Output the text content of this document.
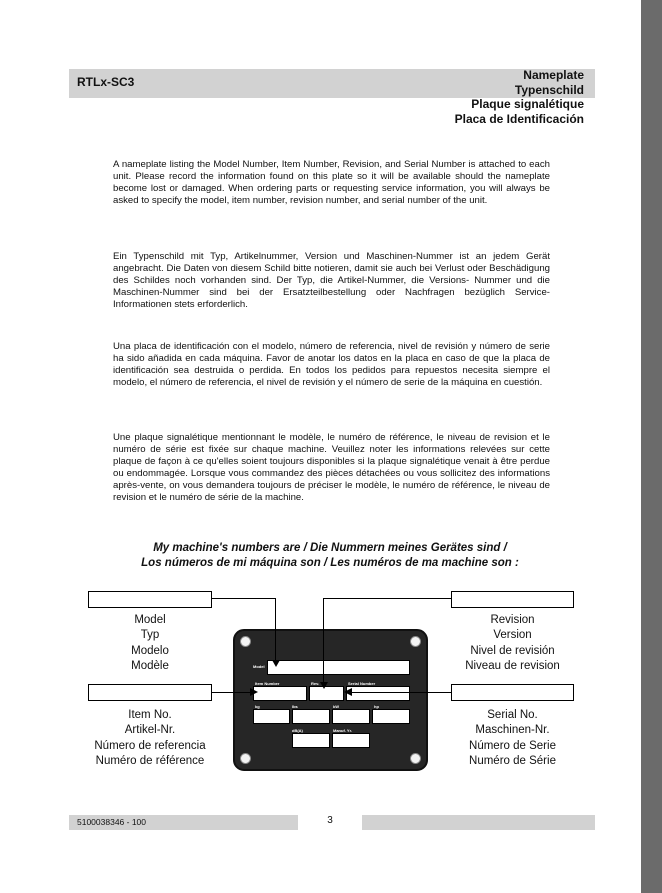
RTLx-SC3	Nameplate
Typenschild
Plaque signalétique
Placa de Identificación

A nameplate listing the Model Number, Item Number, Revision, and Serial Number is attached to each unit. Please record the information found on this plate so it will be available should the nameplate become lost or damaged. When ordering parts or requesting service information, you will always be asked to specify the model, item number, revision number, and serial number of the unit.

Ein Typenschild mit Typ, Artikelnummer, Version und Maschinen-Nummer ist an jedem Gerät angebracht. Die Daten von diesem Schild bitte notieren, damit sie auch bei Verlust oder Beschädigung des Schildes noch vorhanden sind. Der Typ, die Artikel-Nummer, die Versions- Nummer und die Maschinen-Nummer sind bei der Ersatzteilbestellung oder Nachfragen bezüglich Service-Informationen stets erforderlich.

Una placa de identificación con el modelo, número de referencia, nivel de revisión y número de serie ha sido añadida en cada máquina. Favor de anotar los datos en la placa en caso de que la placa de identificación sea destruida o perdida. En todos los pedidos para repuestos necesita siempre el modelo, el número de referencia, el nivel de revisión y el número de serie de la máquina en cuestión.

Une plaque signalétique mentionnant le modèle, le numéro de référence, le niveau de revision et le numéro de série est fixée sur chaque machine. Veuillez noter les informations relevées sur cette plaque de façon à ce qu'elles soient toujours disponibles si la plaque signalétique venait à être perdue ou endommagée. Lorsque vous commandez des pièces détachées ou vous sollicitez des informations après-vente, on vous demandera toujours de préciser le modèle, le numéro de référence, le niveau de revision et le numéro de série de la machine.

My machine's numbers are / Die Nummern meines Gerätes sind /
Los números de mi máquina son / Les numéros de ma machine son :
Model
Typ
Modelo
Modèle
Revision
Version
Nivel de revisión
Niveau de revision
Item No.
Artikel-Nr.
Número de referencia
Numéro de référence
Serial No.
Maschinen-Nr.
Número de Serie
Numéro de Série
Model
Item Number	Rev.	Serial Number
kg	lbs	kW	hp
dB(A)	Manuf. Yr.
5100038346 - 100	3
